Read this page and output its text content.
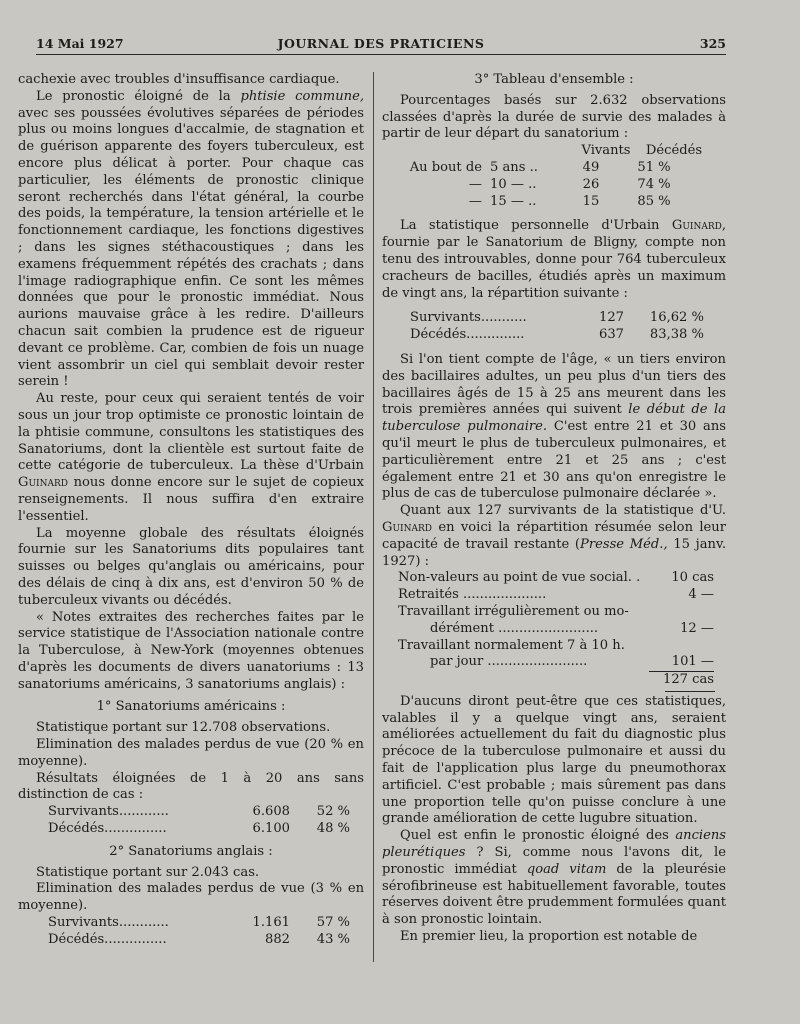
14 Mai 1927	JOURNAL DES PRATICIENS	325

cachexie avec troubles d'insuffisance cardiaque.

Le pronostic éloigné de la phtisie commune, avec ses poussées évolutives séparées de périodes plus ou moins longues d'accalmie, de stagnation et de guérison apparente des foyers tuberculeux, est encore plus délicat à porter. Pour chaque cas particulier, les éléments de pronostic clinique seront recherchés dans l'état général, la courbe des poids, la température, la tension artérielle et le fonctionnement cardiaque, les fonctions digestives ; dans les signes stéthacoustiques ; dans les examens fréquemment répétés des crachats ; dans l'image radiographique enfin. Ce sont les mêmes données que pour le pronostic immédiat. Nous aurions mauvaise grâce à les redire. D'ailleurs chacun sait combien la prudence est de rigueur devant ce problème. Car, combien de fois un nuage vient assombrir un ciel qui semblait devoir rester serein !

Au reste, pour ceux qui seraient tentés de voir sous un jour trop optimiste ce pronostic lointain de la phtisie commune, consultons les statistiques des Sanatoriums, dont la clientèle est surtout faite de cette catégorie de tuberculeux. La thèse d'Urbain Guinard nous donne encore sur le sujet de copieux renseignements. Il nous suffira d'en extraire l'essentiel.

La moyenne globale des résultats éloignés fournie sur les Sanatoriums dits populaires tant suisses ou belges qu'anglais ou américains, pour des délais de cinq à dix ans, est d'environ 50 % de tuberculeux vivants ou décédés.

« Notes extraites des recherches faites par le service statistique de l'Association nationale contre la Tuberculose, à New-York (moyennes obtenues d'après les documents de divers uanatoriums : 13 sanatoriums américains, 3 sanatoriums anglais) :

1° Sanatoriums américains :

Statistique portant sur 12.708 observations.

Elimination des malades perdus de vue (20 % en moyenne).

Résultats éloignées de 1 à 20 ans sans distinction de cas :

Survivants............	6.608	52 %
Décédés...............	6.100	48 %

2° Sanatoriums anglais :

Statistique portant sur 2.043 cas.

Elimination des malades perdus de vue (3 % en moyenne).

Survivants............	1.161	57 %
Décédés...............	882	43 %

3° Tableau d'ensemble :

Pourcentages basés sur 2.632 observations classées d'après la durée de survie des malades à partir de leur départ du sanatorium :

Vivants	Décédés
Au bout de 5 ans ..	49	51 %
— 10 — ..	26	74 %
— 15 — ..	15	85 %

La statistique personnelle d'Urbain Guinard, fournie par le Sanatorium de Bligny, compte non tenu des introuvables, donne pour 764 tuberculeux cracheurs de bacilles, étudiés après un maximum de vingt ans, la répartition suivante :

Survivants...........	127	16,62 %
Décédés..............	637	83,38 %

Si l'on tient compte de l'âge, « un tiers environ des bacillaires adultes, un peu plus d'un tiers des bacillaires âgés de 15 à 25 ans meurent dans les trois premières années qui suivent le début de la tuberculose pulmonaire. C'est entre 21 et 30 ans qu'il meurt le plus de tuberculeux pulmonaires, et particulièrement entre 21 et 25 ans ; c'est également entre 21 et 30 ans qu'on enregistre le plus de cas de tuberculose pulmonaire déclarée ».

Quant aux 127 survivants de la statistique d'U. Guinard en voici la répartition résumée selon leur capacité de travail restante (Presse Méd., 15 janv. 1927) :

Non-valeurs au point de vue social. .	10 cas
Retraités ....................	4 —
Travaillant irrégulièrement ou mo-
dérément ........................	12 —
Travaillant normalement 7 à 10 h.
par jour ........................	101 —
127 cas

D'aucuns diront peut-être que ces statistiques, valables il y a quelque vingt ans, seraient améliorées actuellement du fait du diagnostic plus précoce de la tuberculose pulmonaire et aussi du fait de l'application plus large du pneumothorax artificiel. C'est probable ; mais sûrement pas dans une proportion telle qu'on puisse conclure à une grande amélioration de cette lugubre situation.

Quel est enfin le pronostic éloigné des anciens pleurétiques ? Si, comme nous l'avons dit, le pronostic immédiat qoad vitam de la pleurésie sérofibrineuse est habituellement favorable, toutes réserves doivent être prudemment formulées quant à son pronostic lointain.

En premier lieu, la proportion est notable de
